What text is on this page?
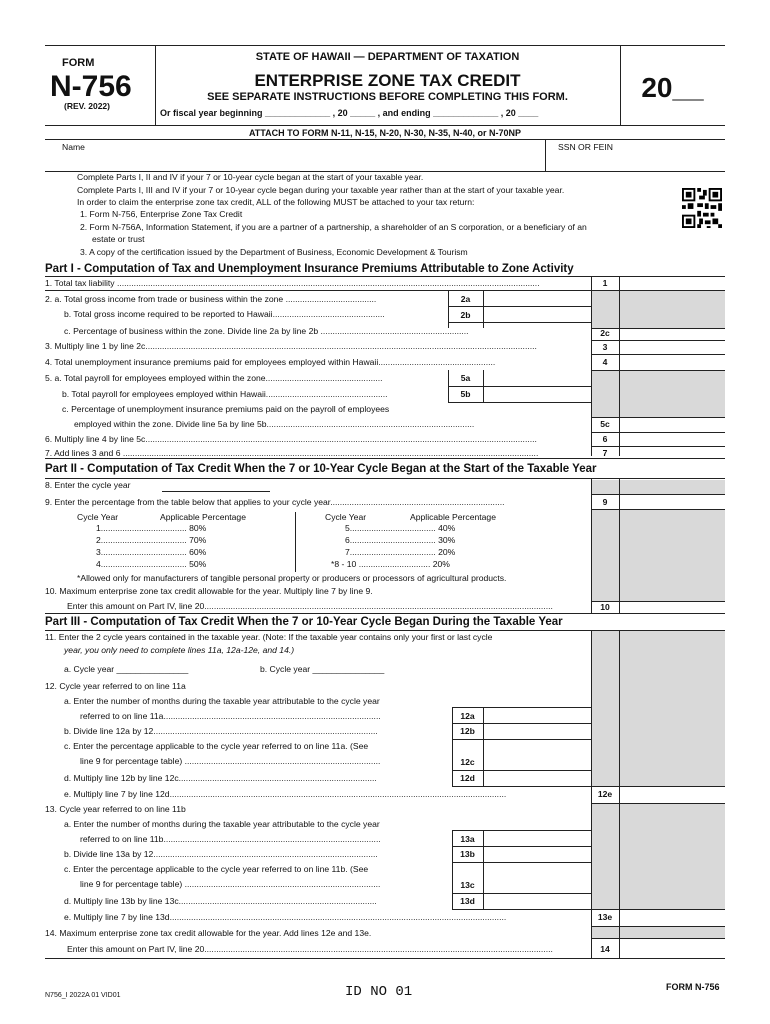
FORM
N-756
(REV. 2022)
STATE OF HAWAII — DEPARTMENT OF TAXATION
ENTERPRISE ZONE TAX CREDIT
SEE SEPARATE INSTRUCTIONS BEFORE COMPLETING THIS FORM.
Or fiscal year beginning _____________ , 20 _____ , and ending _____________ , 20 ____
20__
ATTACH TO FORM N-11, N-15, N-20, N-30, N-35, N-40, or N-70NP
Name	SSN OR FEIN
Complete Parts I, II and IV if your 7 or 10-year cycle began at the start of your taxable year.
Complete Parts I, III and IV if your 7 or 10-year cycle began during your taxable year rather than at the start of your taxable year.
In order to claim the enterprise zone tax credit, ALL of the following MUST be attached to your tax return:
1. Form N-756, Enterprise Zone Tax Credit
2. Form N-756A, Information Statement, if you are a partner of a partnership, a shareholder of an S corporation, or a beneficiary of an
estate or trust
3. A copy of the certification issued by the Department of Business, Economic Development & Tourism
Part I - Computation of Tax and Unemployment Insurance Premiums Attributable to Zone Activity
1. Total tax liability .................................................................................................................................................................................	1
2. a. Total gross income from trade or business within the zone ......................................	2a
b. Total gross income required to be reported to Hawaii...............................................	2b
c. Percentage of business within the zone. Divide line 2a by line 2b ..............................................................	2c
3. Multiply line 1 by line 2c....................................................................................................................................................................	3
4. Total unemployment insurance premiums paid for employees employed within Hawaii.................................................	4
5. a. Total payroll for employees employed within the zone.................................................	5a
b. Total payroll for employees employed within Hawaii...................................................	5b
c. Percentage of unemployment insurance premiums paid on the payroll of employees
employed within the zone. Divide line 5a by line 5b.......................................................................................	5c
6. Multiply line 4 by line 5c....................................................................................................................................................................	6
7. Add lines 3 and 6 ..............................................................................................................................................................................	7
Part II - Computation of Tax Credit When the 7 or 10-Year Cycle Began at the Start of the Taxable Year
8. Enter the cycle year
9. Enter the percentage from the table below that applies to your cycle year.........................................................................	9
Cycle Year	Applicable Percentage	Cycle Year	Applicable Percentage
1.................................... 80%
2.................................... 70%
3.................................... 60%
4.................................... 50%
5.................................... 40%
6.................................... 30%
7.................................... 20%
*8 - 10 .............................. 20%
*Allowed only for manufacturers of tangible personal property or producers or processors of agricultural products.
10. Maximum enterprise zone tax credit allowable for the year. Multiply line 7 by line 9.
Enter this amount on Part IV, line 20..................................................................................................................................................	10
Part III - Computation of Tax Credit When the 7 or 10-Year Cycle Began During the Taxable Year
11. Enter the 2 cycle years contained in the taxable year. (Note: If the taxable year contains only your first or last cycle
year, you only need to complete lines 11a, 12a-12e, and 14.)
a. Cycle year _______________	b. Cycle year _______________
12. Cycle year referred to on line 11a
a. Enter the number of months during the taxable year attributable to the cycle year
referred to on line 11a...........................................................................................	12a
b. Divide line 12a by 12..............................................................................................	12b
c. Enter the percentage applicable to the cycle year referred to on line 11a. (See
line 9 for percentage table) ..................................................................................	12c
d. Multiply line 12b by line 12c...................................................................................	12d
e. Multiply line 7 by line 12d.............................................................................................................................................	12e
13. Cycle year referred to on line 11b
a. Enter the number of months during the taxable year attributable to the cycle year
referred to on line 11b...........................................................................................	13a
b. Divide line 13a by 12..............................................................................................	13b
c. Enter the percentage applicable to the cycle year referred to on line 11b. (See
line 9 for percentage table) ..................................................................................	13c
d. Multiply line 13b by line 13c...................................................................................	13d
e. Multiply line 7 by line 13d.............................................................................................................................................	13e
14. Maximum enterprise zone tax credit allowable for the year. Add lines 12e and 13e.
Enter this amount on Part IV, line 20..................................................................................................................................................	14
N756_I 2022A 01 VID01	ID NO 01	FORM N-756
